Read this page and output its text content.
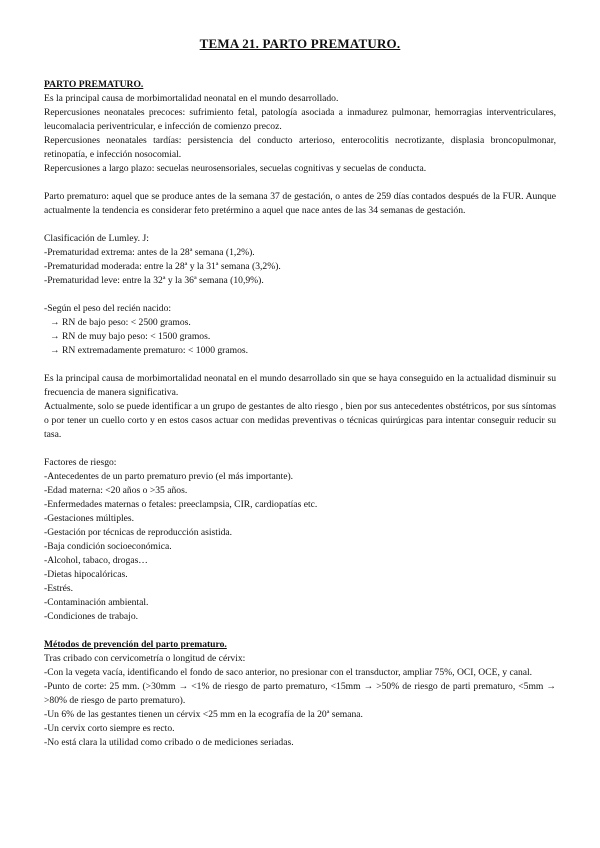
TEMA 21. PARTO PREMATURO.
PARTO PREMATURO.

Es la principal causa de morbimortalidad neonatal en el mundo desarrollado.

Repercusiones neonatales precoces: sufrimiento fetal, patología asociada a inmadurez pulmonar, hemorragias interventriculares, leucomalacia periventricular, e infección de comienzo precoz.

Repercusiones neonatales tardías: persistencia del conducto arterioso, enterocolitis necrotizante, displasia broncopulmonar, retinopatía, e infección nosocomial.

Repercusiones a largo plazo: secuelas neurosensoriales, secuelas cognitivas y secuelas de conducta.

Parto prematuro: aquel que se produce antes de la semana 37 de gestación, o antes de 259 días contados después de la FUR. Aunque actualmente la tendencia es considerar feto pretérmino a aquel que nace antes de las 34 semanas de gestación.

Clasificación de Lumley. J:
-Prematuridad extrema: antes de la 28ª semana (1,2%).
-Prematuridad moderada: entre la 28ª y la 31ª semana (3,2%).
-Prematuridad leve: entre la 32ª y la 36ª semana (10,9%).
-Según el peso del recién nacido:
→ RN de bajo peso: < 2500 gramos.
→ RN de muy bajo peso: < 1500 gramos.
→ RN extremadamente prematuro: < 1000 gramos.

Es la principal causa de morbimortalidad neonatal en el mundo desarrollado sin que se haya conseguido en la actualidad disminuir su frecuencia de manera significativa.

Actualmente, solo se puede identificar a un grupo de gestantes de alto riesgo , bien por sus antecedentes obstétricos, por sus síntomas o por tener un cuello corto y en estos casos actuar con medidas preventivas o técnicas quirúrgicas para intentar conseguir reducir su tasa.

Factores de riesgo:
-Antecedentes de un parto prematuro previo (el más importante).
-Edad materna: <20 años o >35 años.
-Enfermedades maternas o fetales: preeclampsia, CIR, cardiopatías etc.
-Gestaciones múltiples.
-Gestación por técnicas de reproducción asistida.
-Baja condición socioeconómica.
-Alcohol, tabaco, drogas…
-Dietas hipocalóricas.
-Estrés.
-Contaminación ambiental.
-Condiciones de trabajo.
Métodos de prevención del parto prematuro.

Tras cribado con cervicometría o longitud de cérvix:

-Con la vegeta vacía, identificando el fondo de saco anterior, no presionar con el transductor, ampliar 75%, OCI, OCE, y canal.

-Punto de corte: 25 mm. (>30mm → <1% de riesgo de parto prematuro, <15mm → >50% de riesgo de parti prematuro, <5mm → >80% de riesgo de parto prematuro).

-Un 6% de las gestantes tienen un cérvix <25 mm en la ecografía de la 20ª semana.

-Un cervix corto siempre es recto.

-No está clara la utilidad como cribado o de mediciones seriadas.
